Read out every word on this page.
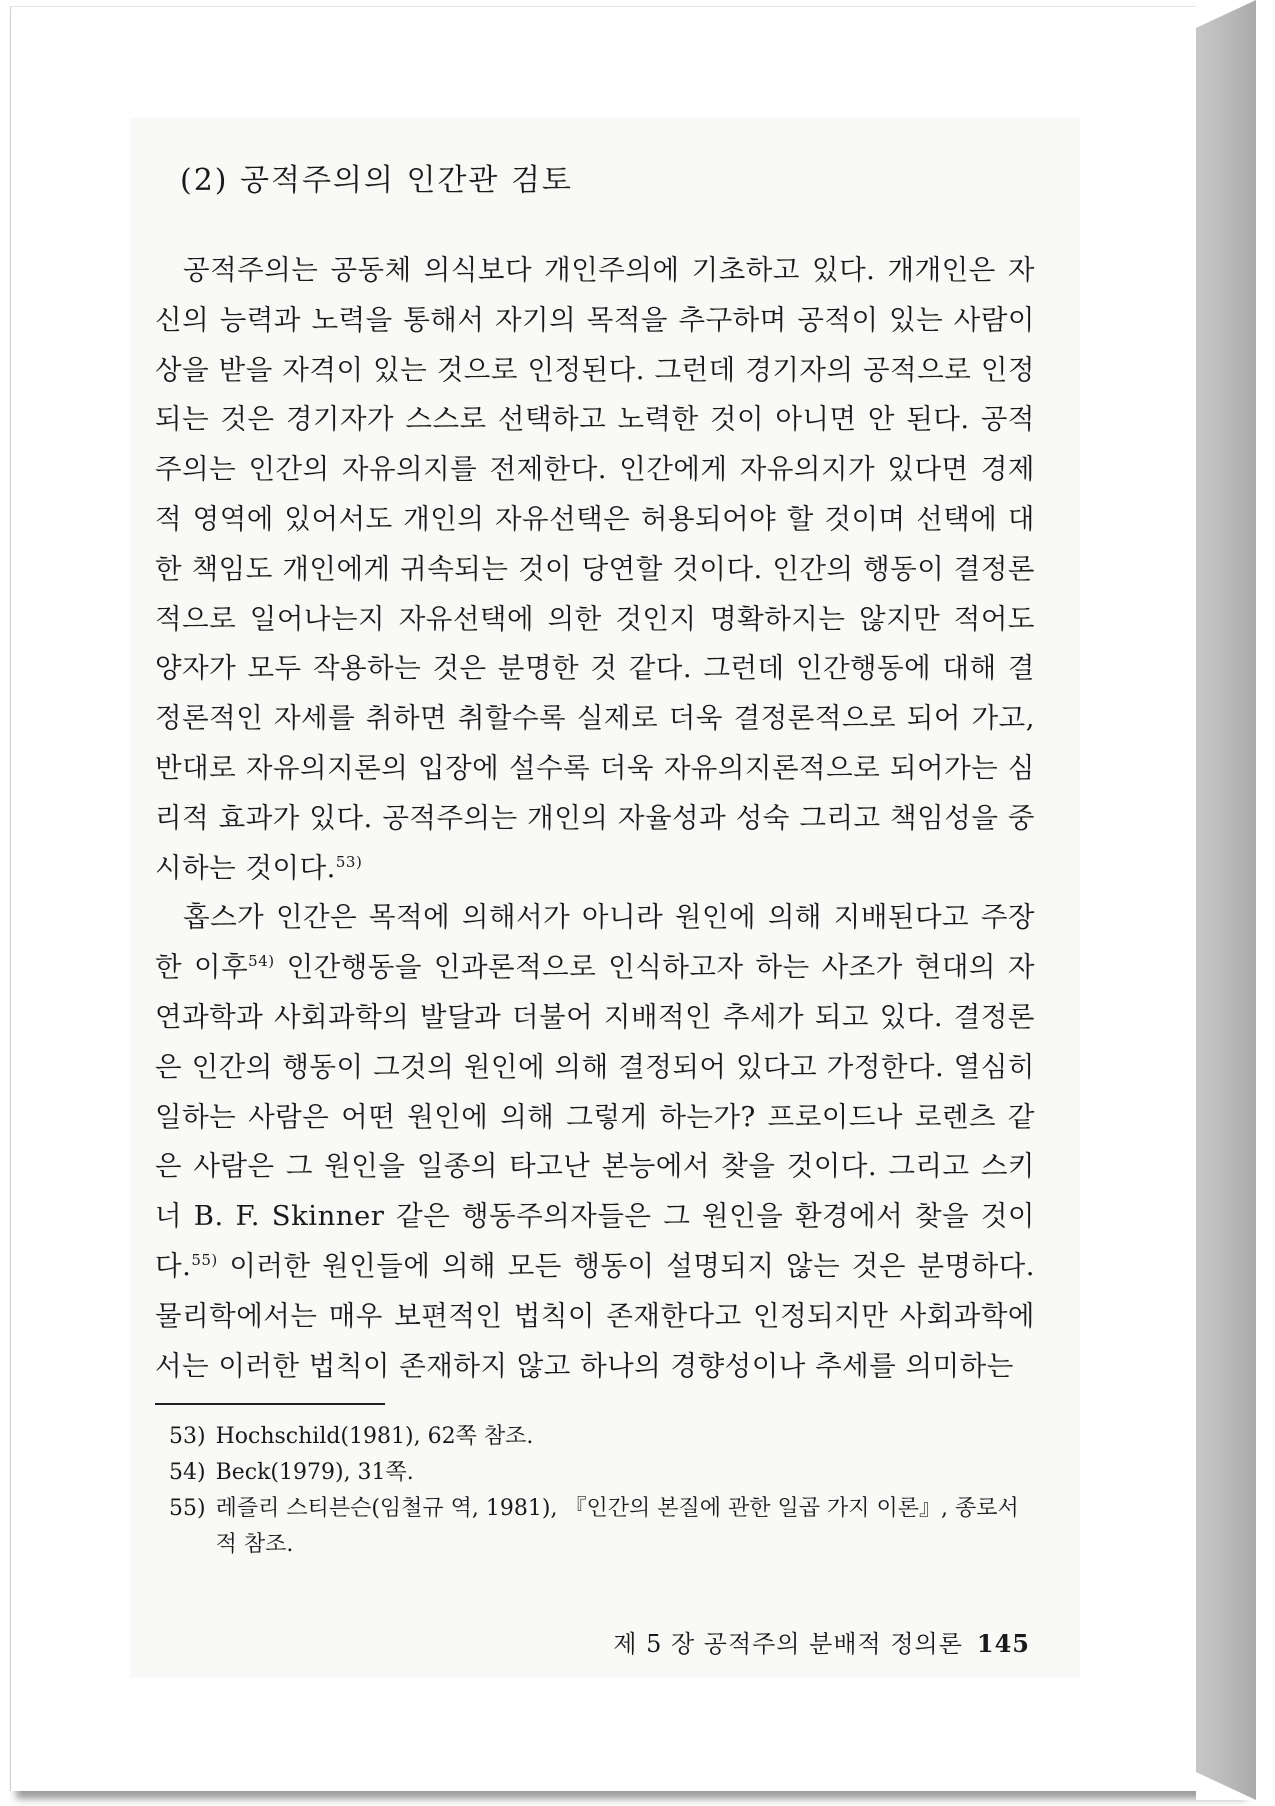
(2) 공적주의의 인간관 검토

공적주의는 공동체 의식보다 개인주의에 기초하고 있다. 개개인은 자신의 능력과 노력을 통해서 자기의 목적을 추구하며 공적이 있는 사람이 상을 받을 자격이 있는 것으로 인정된다. 그런데 경기자의 공적으로 인정되는 것은 경기자가 스스로 선택하고 노력한 것이 아니면 안 된다. 공적주의는 인간의 자유의지를 전제한다. 인간에게 자유의지가 있다면 경제적 영역에 있어서도 개인의 자유선택은 허용되어야 할 것이며 선택에 대한 책임도 개인에게 귀속되는 것이 당연할 것이다. 인간의 행동이 결정론적으로 일어나는지 자유선택에 의한 것인지 명확하지는 않지만 적어도 양자가 모두 작용하는 것은 분명한 것 같다. 그런데 인간행동에 대해 결정론적인 자세를 취하면 취할수록 실제로 더욱 결정론적으로 되어 가고, 반대로 자유의지론의 입장에 설수록 더욱 자유의지론적으로 되어가는 심리적 효과가 있다. 공적주의는 개인의 자율성과 성숙 그리고 책임성을 중시하는 것이다.$^{53)}$

홉스가 인간은 목적에 의해서가 아니라 원인에 의해 지배된다고 주장한 이후$^{54)}$ 인간행동을 인과론적으로 인식하고자 하는 사조가 현대의 자연과학과 사회과학의 발달과 더불어 지배적인 추세가 되고 있다. 결정론은 인간의 행동이 그것의 원인에 의해 결정되어 있다고 가정한다. 열심히 일하는 사람은 어떤 원인에 의해 그렇게 하는가? 프로이드나 로렌츠 같은 사람은 그 원인을 일종의 타고난 본능에서 찾을 것이다. 그리고 스키너 B. F. Skinner 같은 행동주의자들은 그 원인을 환경에서 찾을 것이다.$^{55)}$ 이러한 원인들에 의해 모든 행동이 설명되지 않는 것은 분명하다. 물리학에서는 매우 보편적인 법칙이 존재한다고 인정되지만 사회과학에서는 이러한 법칙이 존재하지 않고 하나의 경향성이나 추세를 의미하는

53) Hochschild(1981), 62쪽 참조.
54) Beck(1979), 31쪽.
55) 레즐리 스티븐슨(임철규 역, 1981), 『인간의 본질에 관한 일곱 가지 이론』, 종로서적 참조.
제 5 장 공적주의 분배적 정의론 145
